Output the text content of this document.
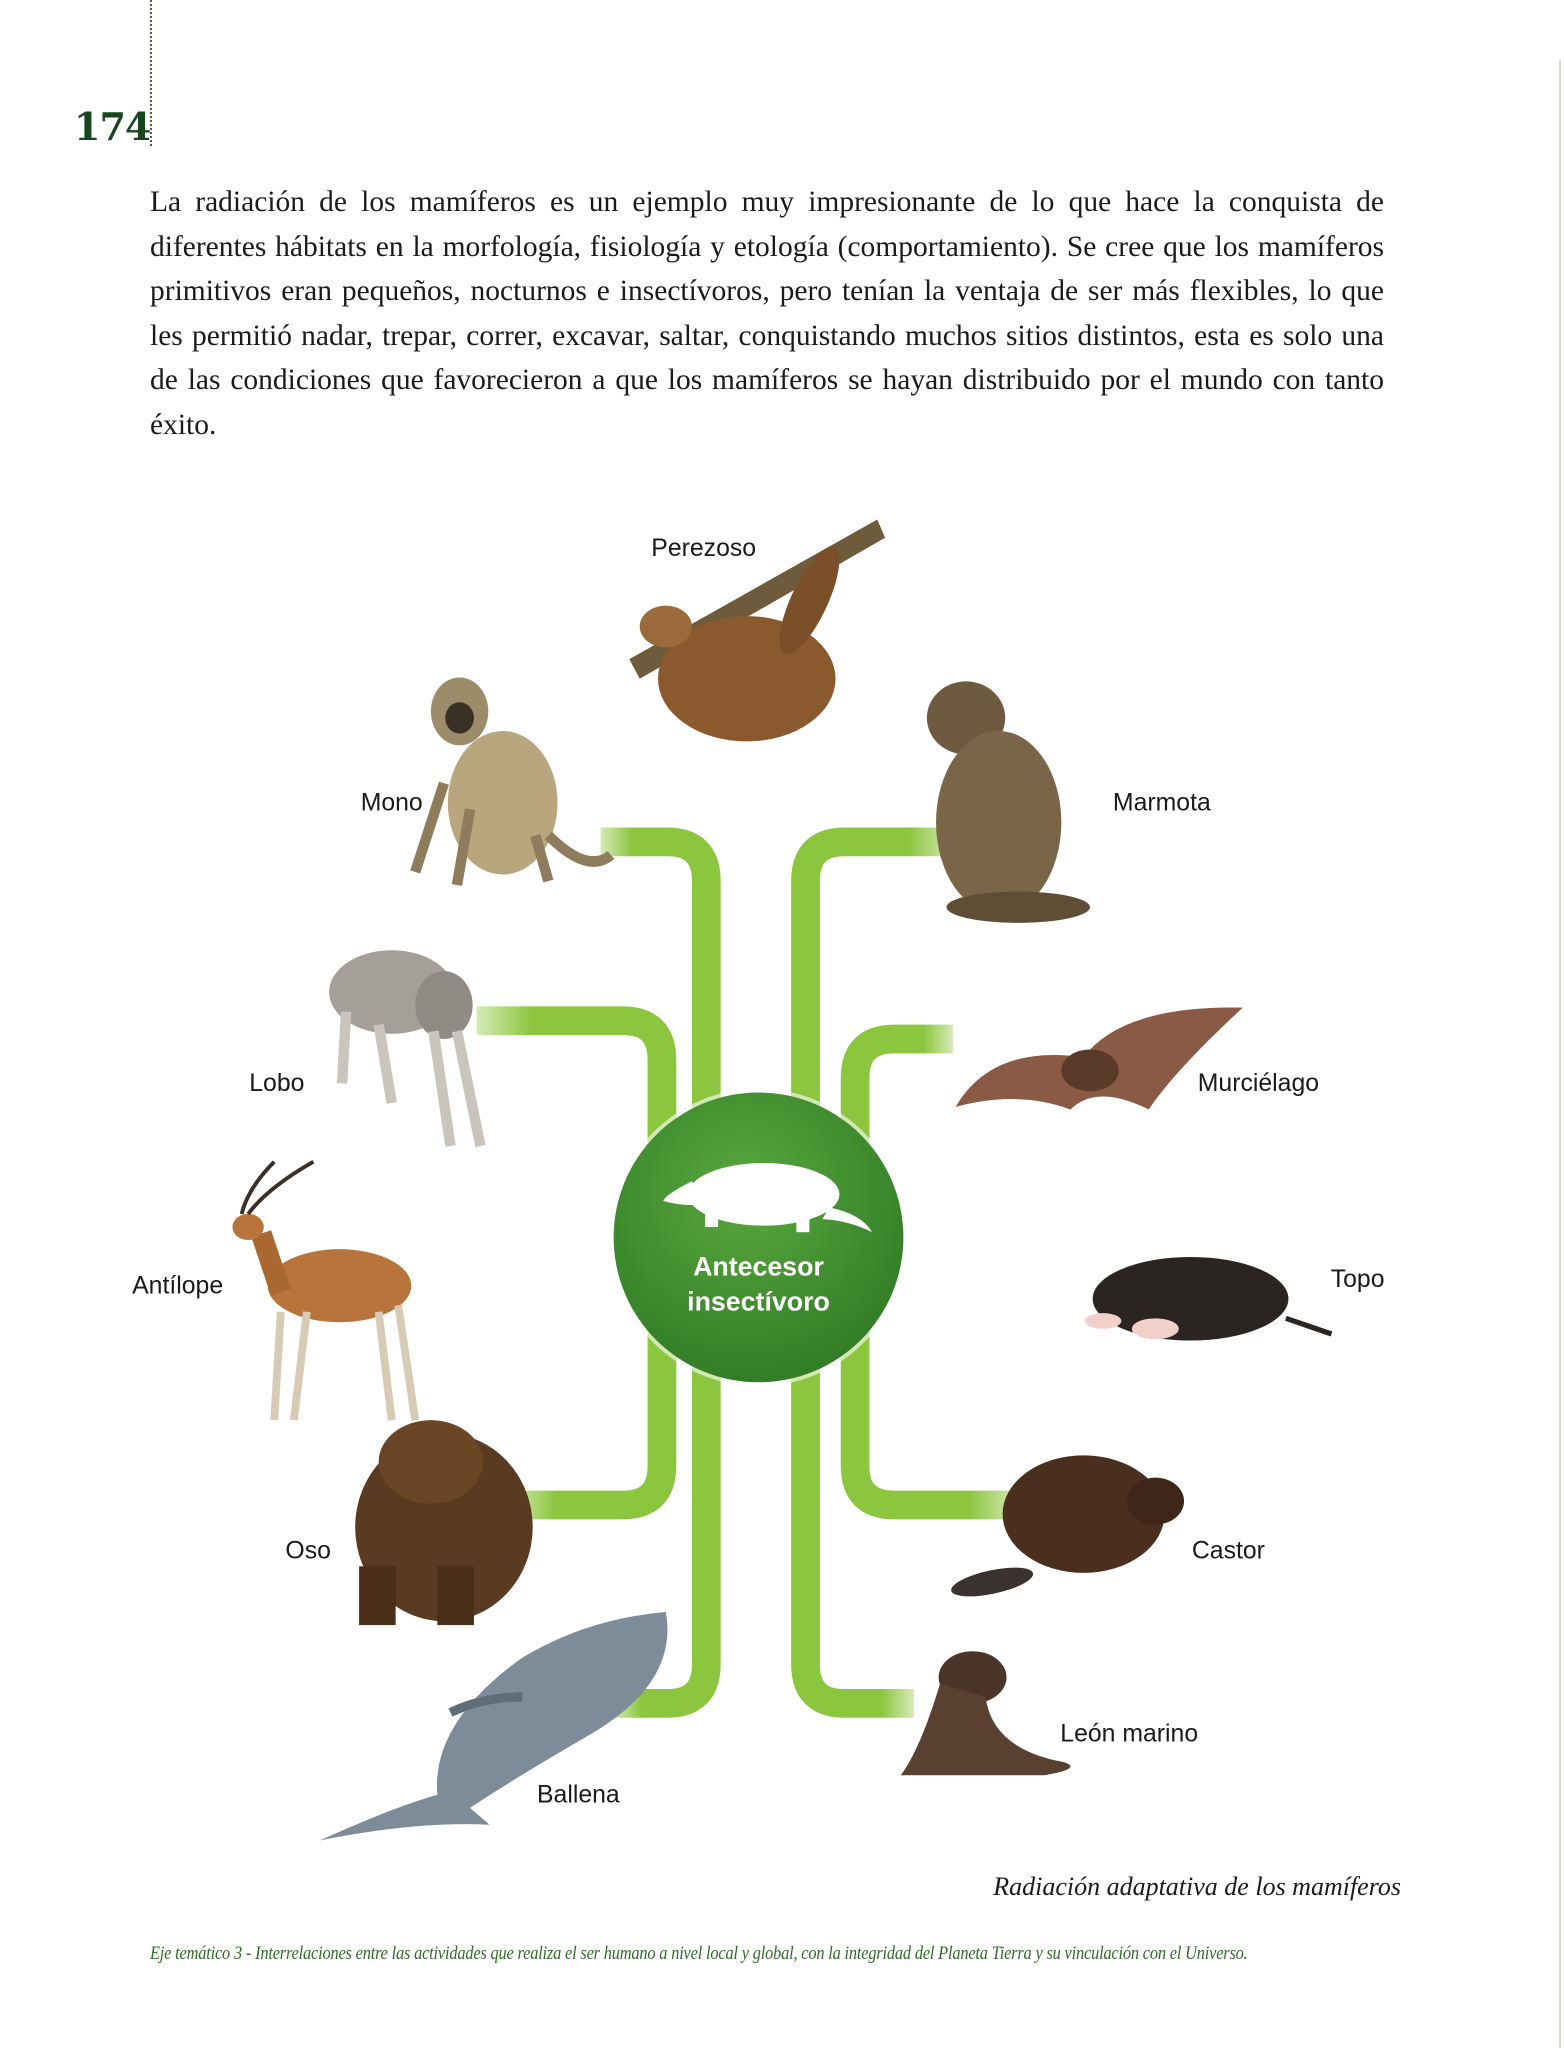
174
La radiación de los mamíferos es un ejemplo muy impresionante de lo que hace la conquista de diferentes hábitats en la morfología, fisiología y etología (comportamiento). Se cree que los mamíferos primitivos eran pequeños, nocturnos e insectívoros, pero tenían la ventaja de ser más flexibles, lo que les permitió nadar, trepar, correr, excavar, saltar, conquistando muchos sitios distintos, esta es solo una de las condiciones que favorecieron a que los mamíferos se hayan distribuido por el mundo con tanto éxito.
Antecesor
insectívoro
Perezoso
Mono	Marmota
Lobo	Murciélago
Antílope	Topo
Oso	Castor
León marino
Ballena
Radiación adaptativa de los mamíferos
Eje temático 3 - Interrelaciones entre las actividades que realiza el ser humano a nivel local y global, con la integridad del Planeta Tierra y su vinculación con el Universo.
